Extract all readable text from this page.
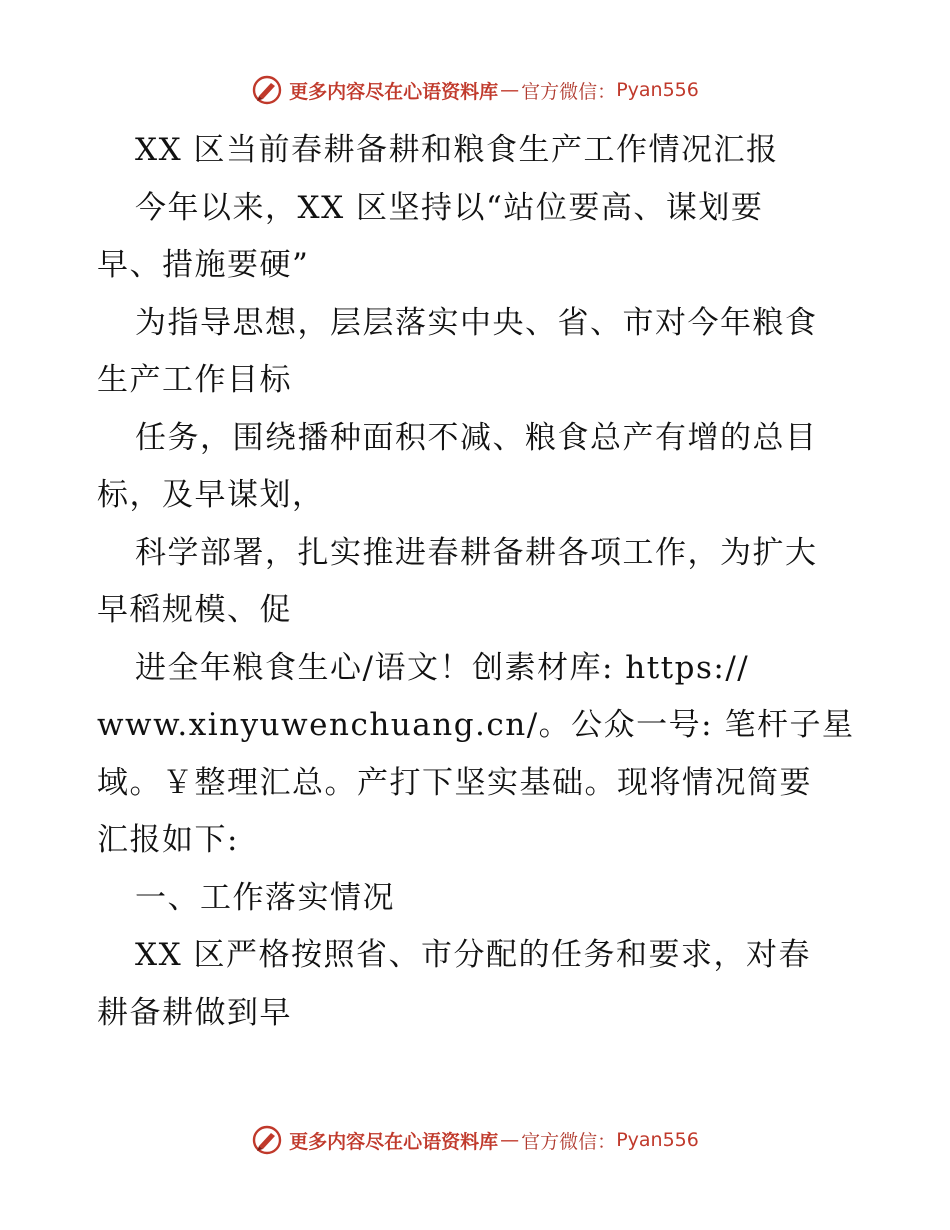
更多内容尽在心语资料库 — 官方微信： Pyan556
XX 区当前春耕备耕和粮食生产工作情况汇报
今年以来，XX 区坚持以“站位要高、谋划要
早、措施要硬”
为指导思想，层层落实中央、省、市对今年粮食
生产工作目标
任务，围绕播种面积不减、粮食总产有增的总目
标，及早谋划，
科学部署，扎实推进春耕备耕各项工作，为扩大
早稻规模、促
进全年粮食生心/语文！创素材库: https://
www.xinyuwenchuang.cn/。公众一号: 笔杆子星
域。￥整理汇总。产打下坚实基础。现将情况简要
汇报如下:
一、工作落实情况
XX 区严格按照省、市分配的任务和要求，对春
耕备耕做到早
更多内容尽在心语资料库 — 官方微信： Pyan556
